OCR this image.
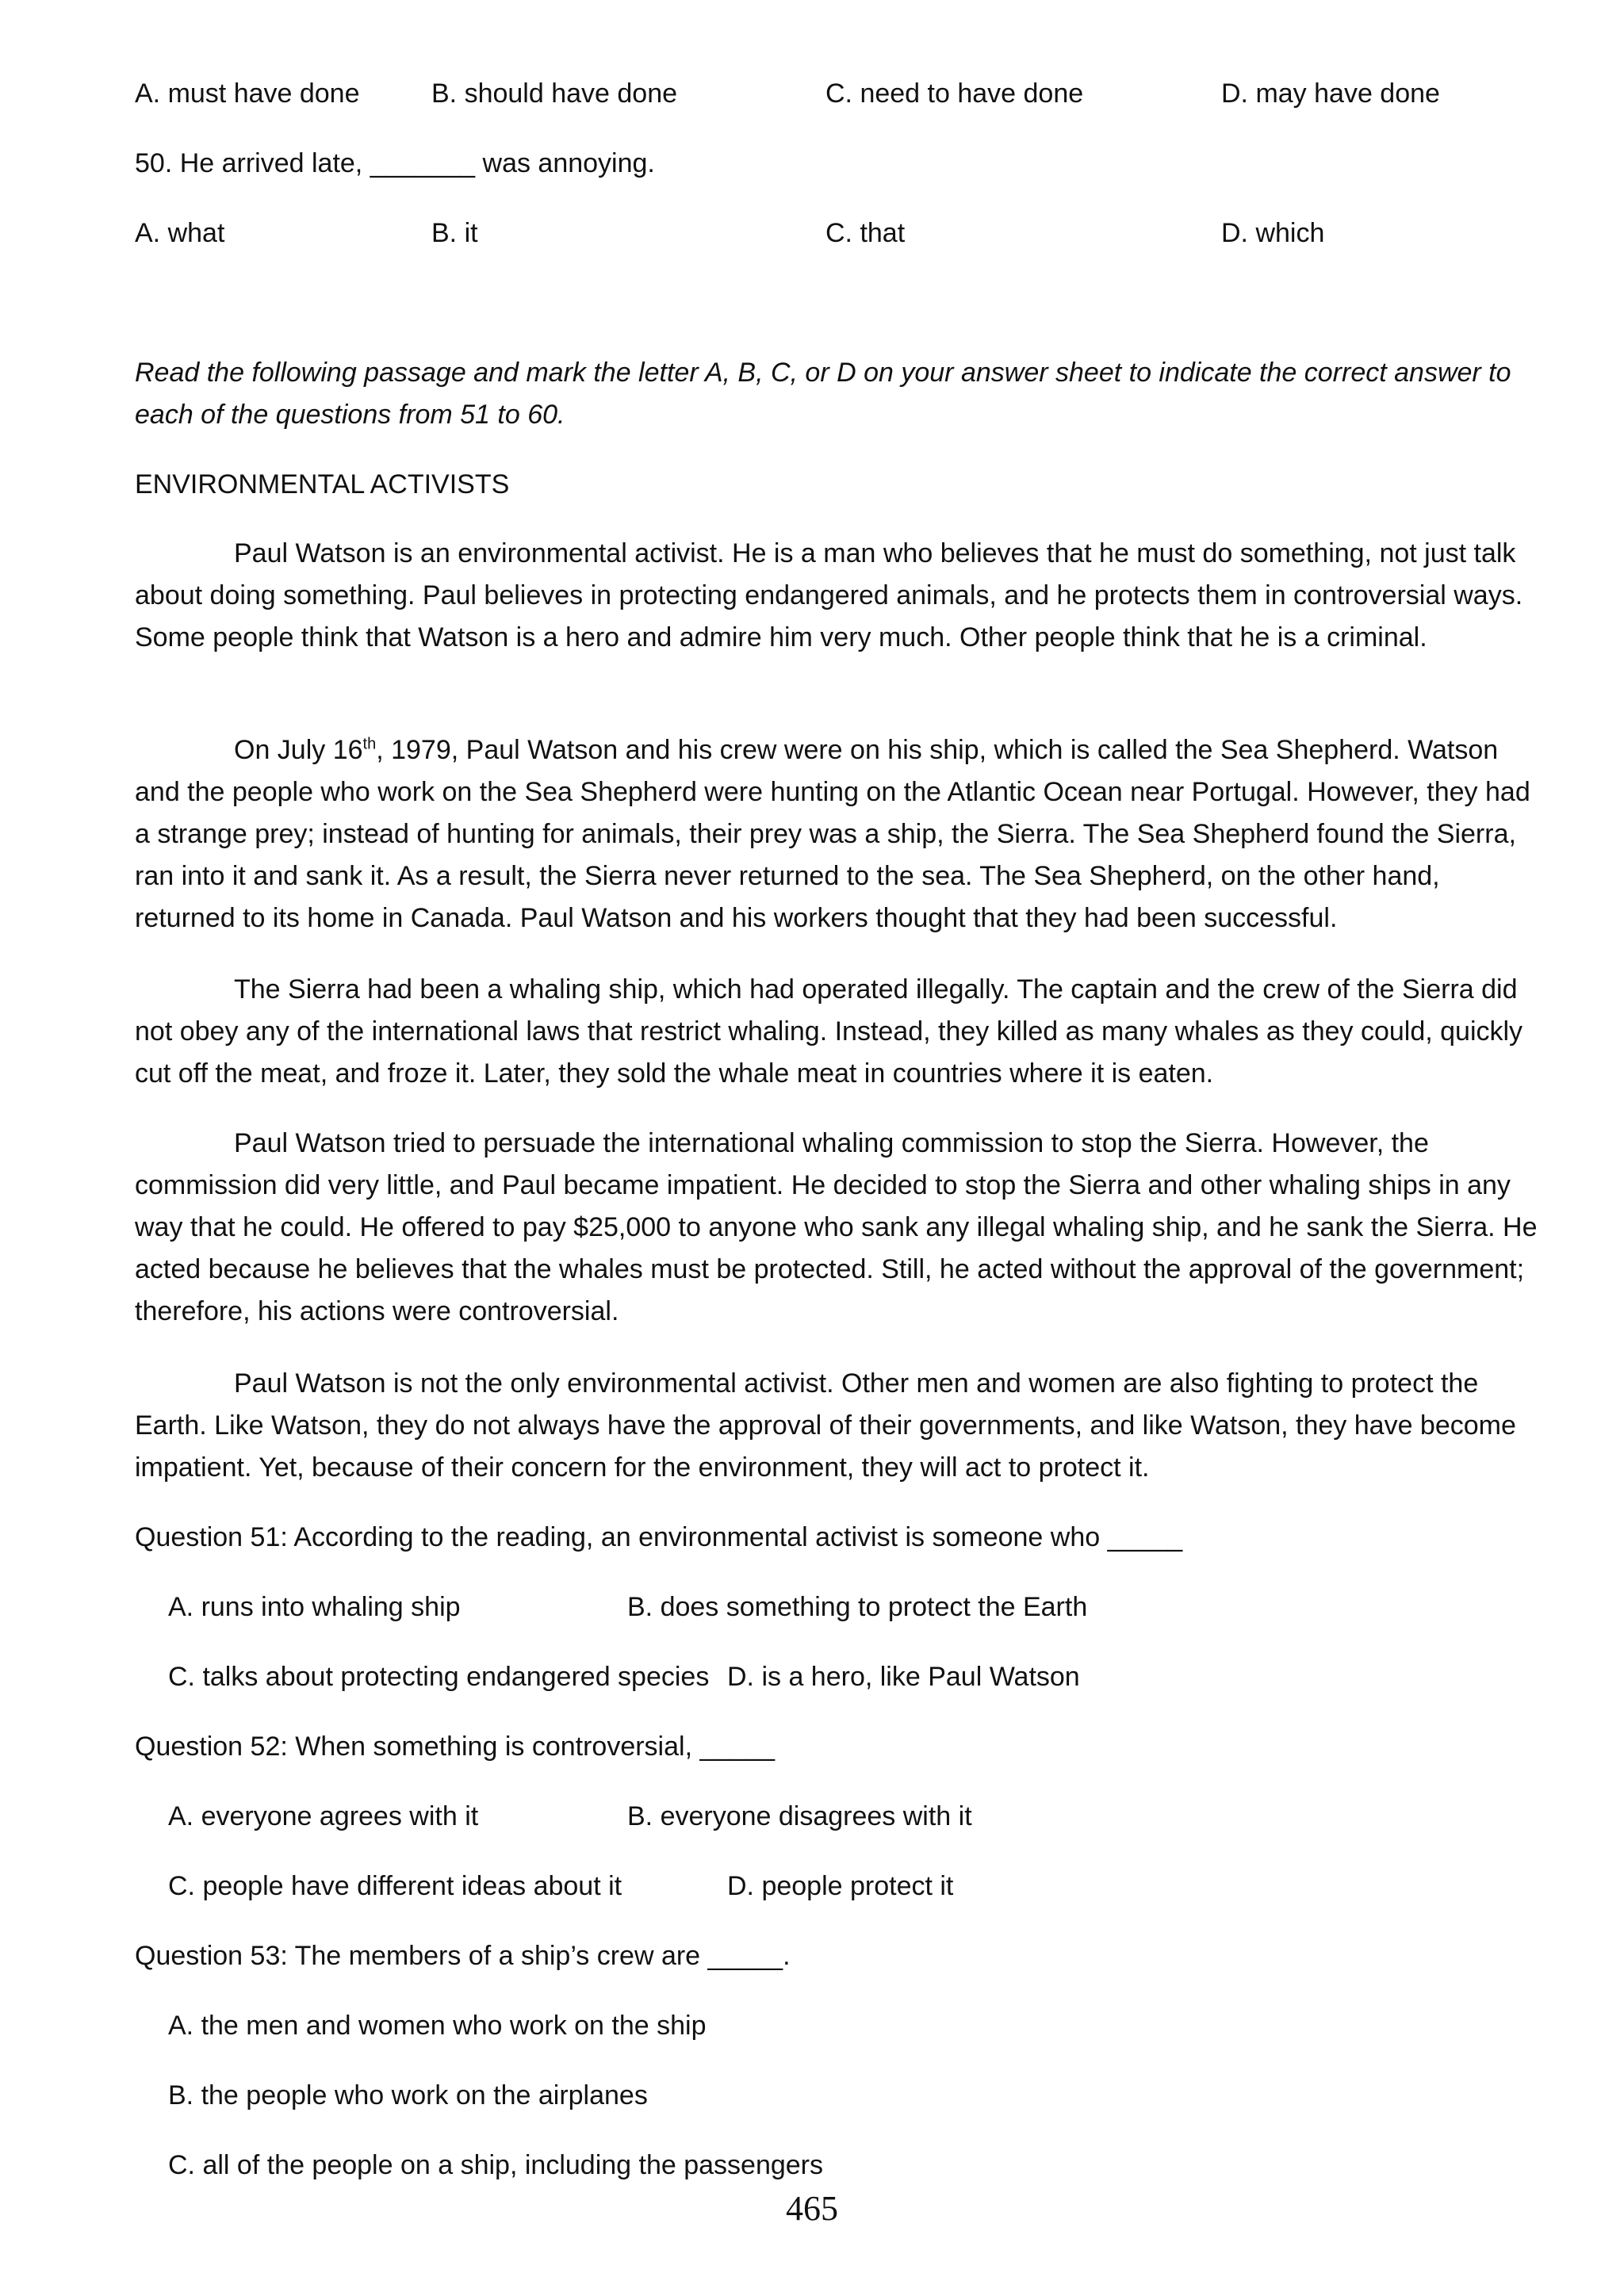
A. must have done	B. should have done	C. need to have done	D. may have done
50. He arrived late, _______ was annoying.
A. what	B. it	C. that	D. which
Read the following passage and mark the letter A, B, C, or D on your answer sheet to indicate the correct answer to each of the questions from 51 to 60.
ENVIRONMENTAL ACTIVISTS
Paul Watson is an environmental activist. He is a man who believes that he must do something, not just talk about doing something. Paul believes in protecting endangered animals, and he protects them in controversial ways. Some people think that Watson is a hero and admire him very much. Other people think that he is a criminal.
On July 16th, 1979, Paul Watson and his crew were on his ship, which is called the Sea Shepherd. Watson and the people who work on the Sea Shepherd were hunting on the Atlantic Ocean near Portugal. However, they had a strange prey; instead of hunting for animals, their prey was a ship, the Sierra. The Sea Shepherd found the Sierra, ran into it and sank it. As a result, the Sierra never returned to the sea. The Sea Shepherd, on the other hand, returned to its home in Canada. Paul Watson and his workers thought that they had been successful.
The Sierra had been a whaling ship, which had operated illegally. The captain and the crew of the Sierra did not obey any of the international laws that restrict whaling. Instead, they killed as many whales as they could, quickly cut off the meat, and froze it. Later, they sold the whale meat in countries where it is eaten.
Paul Watson tried to persuade the international whaling commission to stop the Sierra. However, the commission did very little, and Paul became impatient. He decided to stop the Sierra and other whaling ships in any way that he could. He offered to pay $25,000 to anyone who sank any illegal whaling ship, and he sank the Sierra. He acted because he believes that the whales must be protected. Still, he acted without the approval of the government; therefore, his actions were controversial.
Paul Watson is not the only environmental activist. Other men and women are also fighting to protect the Earth. Like Watson, they do not always have the approval of their governments, and like Watson, they have become impatient. Yet, because of their concern for the environment, they will act to protect it.
Question 51: According to the reading, an environmental activist is someone who _____
A. runs into whaling ship	B. does something to protect the Earth
C. talks about protecting endangered species D. is a hero, like Paul Watson
Question 52: When something is controversial, _____
A. everyone agrees with it	B. everyone disagrees with it
C. people have different ideas about it	D. people protect it
Question 53: The members of a ship’s crew are _____.
A. the men and women who work on the ship
B. the people who work on the airplanes
C. all of the people on a ship, including the passengers
465
